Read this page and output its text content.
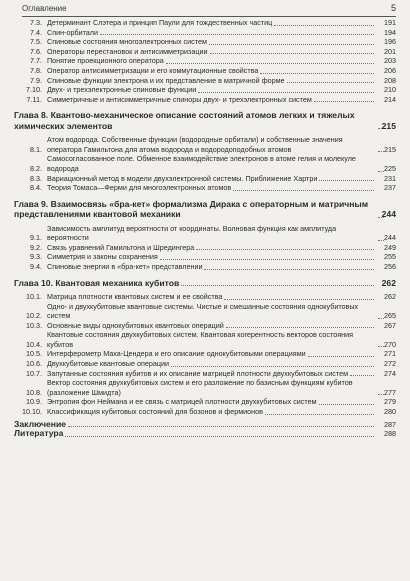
Оглавление	5
7.3. Детерминант Слэтера и принцип Паули для тождественных частиц	191
7.4. Спин-орбитали	194
7.5. Спиновые состояния многоэлектронных систем	196
7.6. Операторы перестановок и антисимметризации	201
7.7. Понятие проекционного оператора	203
7.8. Оператор антисимметризации и его коммутационные свойства	206
7.9. Спиновые функции электрона и их представление в матричной форме	208
7.10. Двух- и трехэлектронные спиновые функции	210
7.11. Симметричные и антисимметричные спиноры двух- и трехэлектронных систем	214
Глава 8. Квантово-механическое описание состояний атомов легких и тяжелых химических элементов	215
8.1.
Атом водорода. Собственные функции (водородные орбитали) и собственные значения оператора Гамильтона для атома водорода и водородоподобных атомов	215
8.2.
Самосогласованное поле. Обменное взаимодействие электронов в атоме гелия и молекуле водорода	225
8.3. Вариационный метод в модели двухэлектронной системы. Приближение Хартри	231
8.4. Теория Томаса—Ферми для многоэлектронных атомов	237
Глава 9. Взаимосвязь «бра-кет» формализма Дирака с операторным и матричным представлениями квантовой механики	244
9.1.
Зависимость амплитуд вероятности от координаты. Волновая функция как амплитуда вероятности	244
9.2. Связь уравнений Гамильтона и Шредингера	249
9.3. Симметрия и законы сохранения	255
9.4. Спиновые энергии в «бра-кет» представлении	256
Глава 10. Квантовая механика кубитов	262
10.1. Матрица плотности квантовых систем и ее свойства	262
10.2.
Одно- и двухкубитовые квантовые системы. Чистые и смешанные состояния однокубитовых систем	265
10.3. Основные виды однокубитовых квантовых операций	267
10.4.
Квантовые состояния двухкубитовых систем. Квантовая когерентность векторов состояния кубитов	270
10.5. Интерферометр Маха-Цендера и его описание однокубитовыми операциями	271
10.6. Двухкубитовые квантовые операции	272
10.7. Запутанные состояния кубитов и их описание матрицей плотности двухкубитовых систем	274
10.8.
Вектор состояния двухкубитовых систем и его разложение по базисным функциям кубитов (разложение Шмидта)	277
10.9. Энтропия фон Неймана и ее связь с матрицей плотности двухкубитовых систем	279
10.10. Классификация кубитовых состояний для бозонов и фермионов	280
Заключение	287
Литература	288
